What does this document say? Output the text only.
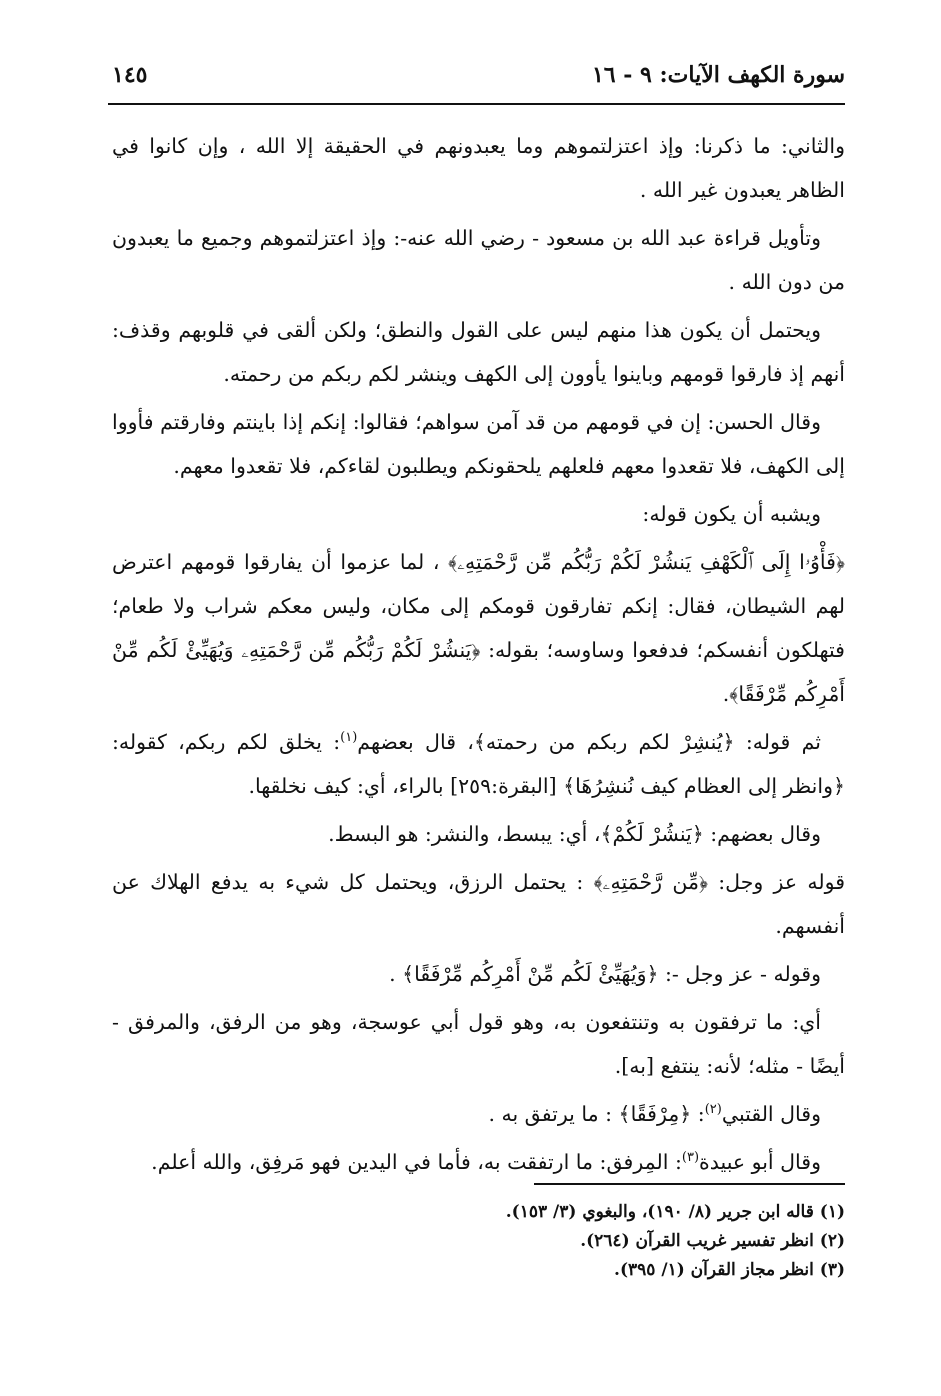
سورة الكهف الآيات: ٩ - ١٦
١٤٥

والثاني: ما ذكرنا: وإذ اعتزلتموهم وما يعبدونهم في الحقيقة إلا الله ، وإن كانوا في الظاهر يعبدون غير الله .

وتأويل قراءة عبد الله بن مسعود - رضي الله عنه-: وإذ اعتزلتموهم وجميع ما يعبدون من دون الله .

ويحتمل أن يكون هذا منهم ليس على القول والنطق؛ ولكن ألقى في قلوبهم وقذف: أنهم إذ فارقوا قومهم وباينوا يأوون إلى الكهف وينشر لكم ربكم من رحمته.

وقال الحسن: إن في قومهم من قد آمن سواهم؛ فقالوا: إنكم إذا باينتم وفارقتم فأووا إلى الكهف، فلا تقعدوا معهم فلعلهم يلحقونكم ويطلبون لقاءكم، فلا تقعدوا معهم.

ويشبه أن يكون قوله:

﴿فَأْوُۥا إِلَى ٱلْكَهْفِ يَنشُرْ لَكُمْ رَبُّكُم مِّن رَّحْمَتِهِۦ﴾ ، لما عزموا أن يفارقوا قومهم اعترض لهم الشيطان، فقال: إنكم تفارقون قومكم إلى مكان، وليس معكم شراب ولا طعام؛ فتهلكون أنفسكم؛ فدفعوا وساوسه؛ بقوله: ﴿يَنشُرْ لَكُمْ رَبُّكُم مِّن رَّحْمَتِهِۦ وَيُهَيِّئْ لَكُم مِّنْ أَمْرِكُم مِّرْفَقًا﴾.

ثم قوله: ﴿يُنشِرْ لكم ربكم من رحمته﴾، قال بعضهم$^{(١)}$: يخلق لكم ربكم، كقوله: ﴿وانظر إلى العظام كيف نُنشِرُهَا﴾ [البقرة:٢٥٩] بالراء، أي: كيف نخلقها.

وقال بعضهم: ﴿يَنشُرْ لَكُمْ﴾، أي: يبسط، والنشر: هو البسط.

قوله عز وجل: ﴿مِّن رَّحْمَتِهِۦ﴾ : يحتمل الرزق، ويحتمل كل شيء به يدفع الهلاك عن أنفسهم.

وقوله - عز وجل -: ﴿وَيُهَيِّئْ لَكُم مِّنْ أَمْرِكُم مِّرْفَقًا﴾ .

أي: ما ترفقون به وتنتفعون به، وهو قول أبي عوسجة، وهو من الرفق، والمرفق - أيضًا - مثله؛ لأنه: ينتفع [به].

وقال القتبي$^{(٢)}$: ﴿مِرْفَقًا﴾ : ما يرتفق به .

وقال أبو عبيدة$^{(٣)}$: المِرفق: ما ارتفقت به، فأما في اليدين فهو مَرفِق، والله أعلم.

(١) قاله ابن جرير (٨/ ١٩٠)، والبغوي (٣/ ١٥٣).

(٢) انظر تفسير غريب القرآن (٢٦٤).

(٣) انظر مجاز القرآن (١/ ٣٩٥).
